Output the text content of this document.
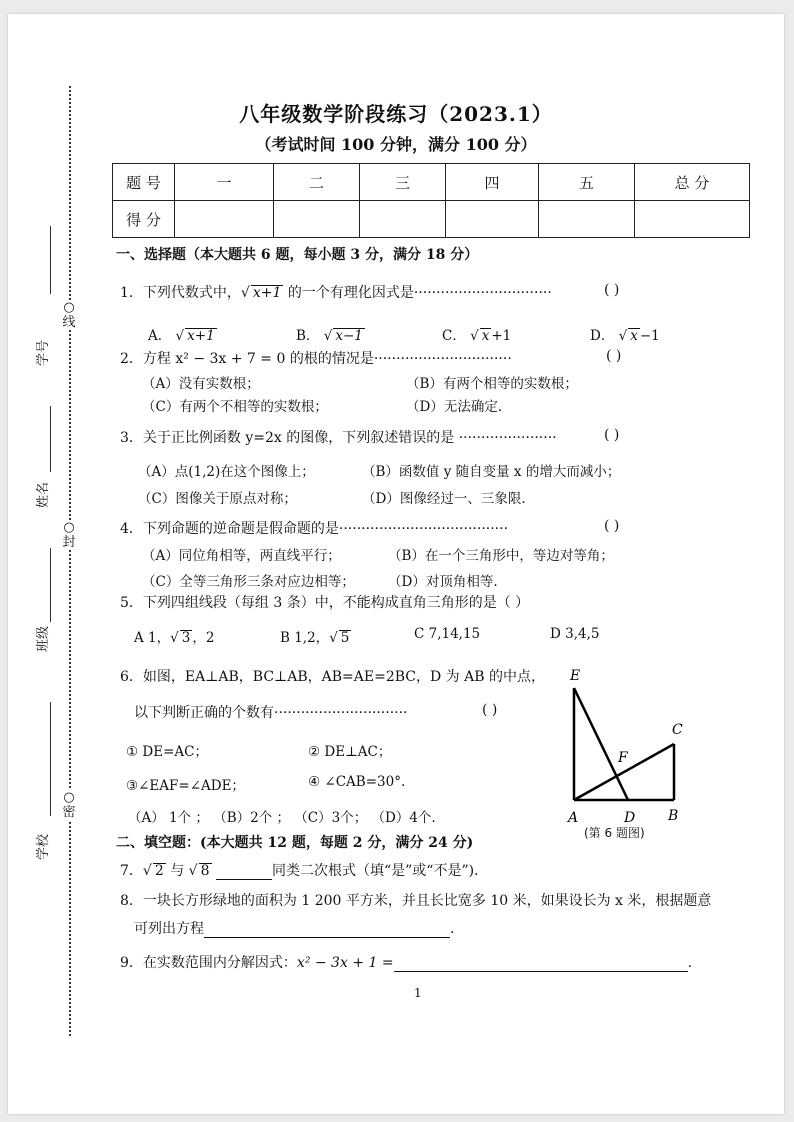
○
线
○
封
○
密
学号
姓名
班级
学校
八年级数学阶段练习（2023.1）
（考试时间 100 分钟，满分 100 分）
题 号	一	二	三	四	五	总 分
得 分						
一、选择题（本大题共 6 题，每小题 3 分，满分 18 分）
1．下列代数式中，√ x+1 的一个有理化因式是·······························	( )
A． √ x+1	B． √ x−1	C． √ x +1	D． √ x −1
2．方程 x² − 3x + 7 = 0 的根的情况是·······························	( )
（A）没有实数根；	（B）有两个相等的实数根；
（C）有两个不相等的实数根；	（D）无法确定.
3．关于正比例函数 y=2x 的图像，下列叙述错误的是 ······················	( )
（A）点(1,2)在这个图像上；	（B）函数值 y 随自变量 x 的增大而减小；
（C）图像关于原点对称；	（D）图像经过一、三象限.
4．下列命题的逆命题是假命题的是······································	( )
（A）同位角相等，两直线平行；	（B）在一个三角形中，等边对等角；
（C）全等三角形三条对应边相等； （D）对顶角相等.
5．下列四组线段（每组 3 条）中，不能构成直角三角形的是（ ）
A 1，√ 3 ，2	B 1,2，√ 5	C 7,14,15	D 3,4,5
6．如图，EA⊥AB，BC⊥AB，AB=AE=2BC，D 为 AB 的中点，
以下判断正确的个数有······························	( )
① DE=AC；	② DE⊥AC；
③∠EAF=∠ADE；	④ ∠CAB=30°.
（A） 1个 ； （B）2个 ； （C）3个； （D）4个.
E
C
F
A	D B
(第 6 题图)
二、填空题：(本大题共 12 题，每题 2 分，满分 24 分)
7．√ 2 与 √ 8	同类二次根式（填“是”或“不是”).
8．一块长方形绿地的面积为 1 200 平方米，并且长比宽多 10 米，如果设长为 x 米，根据题意
可列出方程	.
9．在实数范围内分解因式：x² − 3x + 1 =	.
1
